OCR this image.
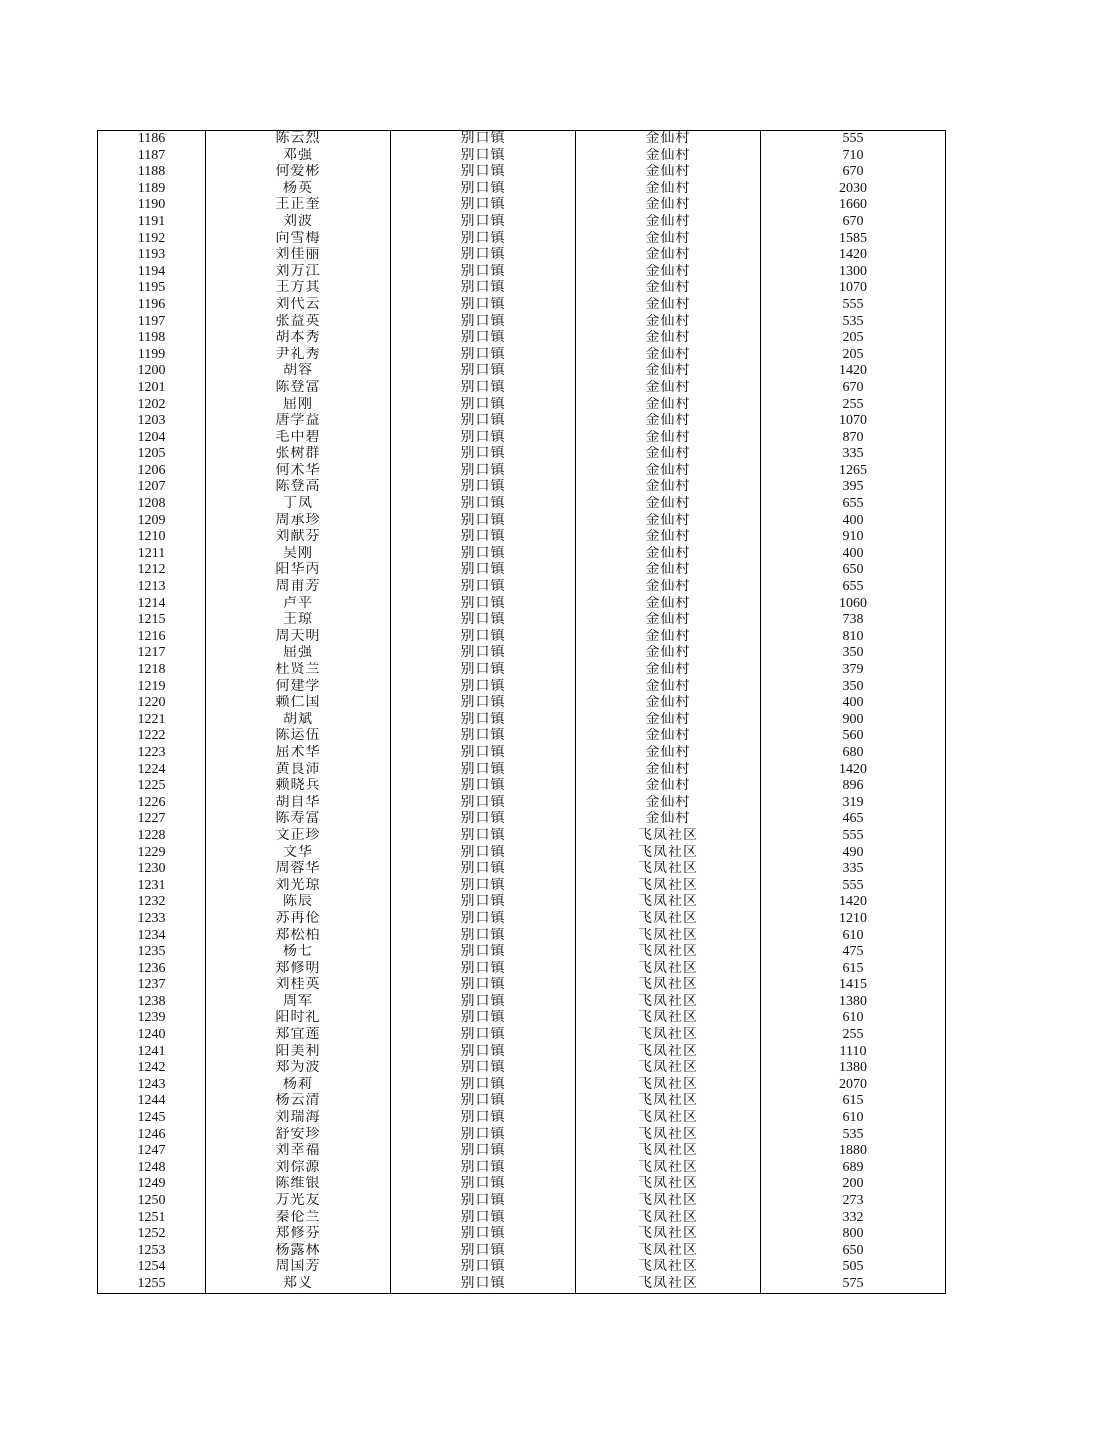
1186	陈云烈	别口镇	金仙村	555
1187	邓强	别口镇	金仙村	710
1188	何爱彬	别口镇	金仙村	670
1189	杨英	别口镇	金仙村	2030
1190	王正奎	别口镇	金仙村	1660
1191	刘波	别口镇	金仙村	670
1192	向雪梅	别口镇	金仙村	1585
1193	刘佳丽	别口镇	金仙村	1420
1194	刘万江	别口镇	金仙村	1300
1195	王方其	别口镇	金仙村	1070
1196	刘代云	别口镇	金仙村	555
1197	张益英	别口镇	金仙村	535
1198	胡本秀	别口镇	金仙村	205
1199	尹礼秀	别口镇	金仙村	205
1200	胡容	别口镇	金仙村	1420
1201	陈登富	别口镇	金仙村	670
1202	屈刚	别口镇	金仙村	255
1203	唐学益	别口镇	金仙村	1070
1204	毛中碧	别口镇	金仙村	870
1205	张树群	别口镇	金仙村	335
1206	何术华	别口镇	金仙村	1265
1207	陈登高	别口镇	金仙村	395
1208	丁凤	别口镇	金仙村	655
1209	周承珍	别口镇	金仙村	400
1210	刘献芬	别口镇	金仙村	910
1211	吴刚	别口镇	金仙村	400
1212	阳华丙	别口镇	金仙村	650
1213	周甫芳	别口镇	金仙村	655
1214	卢平	别口镇	金仙村	1060
1215	王琼	别口镇	金仙村	738
1216	周天明	别口镇	金仙村	810
1217	屈强	别口镇	金仙村	350
1218	杜贤兰	别口镇	金仙村	379
1219	何建学	别口镇	金仙村	350
1220	赖仁国	别口镇	金仙村	400
1221	胡斌	别口镇	金仙村	900
1222	陈运伍	别口镇	金仙村	560
1223	屈术华	别口镇	金仙村	680
1224	黄良沛	别口镇	金仙村	1420
1225	赖晓兵	别口镇	金仙村	896
1226	胡自华	别口镇	金仙村	319
1227	陈寿富	别口镇	金仙村	465
1228	文正珍	别口镇	飞凤社区	555
1229	文华	别口镇	飞凤社区	490
1230	周蓉华	别口镇	飞凤社区	335
1231	刘光琼	别口镇	飞凤社区	555
1232	陈辰	别口镇	飞凤社区	1420
1233	苏再伦	别口镇	飞凤社区	1210
1234	郑松柏	别口镇	飞凤社区	610
1235	杨七	别口镇	飞凤社区	475
1236	郑修明	别口镇	飞凤社区	615
1237	刘桂英	别口镇	飞凤社区	1415
1238	周军	别口镇	飞凤社区	1380
1239	阳时礼	别口镇	飞凤社区	610
1240	郑宜莲	别口镇	飞凤社区	255
1241	阳美利	别口镇	飞凤社区	1110
1242	郑为波	别口镇	飞凤社区	1380
1243	杨莉	别口镇	飞凤社区	2070
1244	杨云清	别口镇	飞凤社区	615
1245	刘瑞海	别口镇	飞凤社区	610
1246	舒安珍	别口镇	飞凤社区	535
1247	刘幸福	别口镇	飞凤社区	1880
1248	刘倧源	别口镇	飞凤社区	689
1249	陈维银	别口镇	飞凤社区	200
1250	万光友	别口镇	飞凤社区	273
1251	秦伦兰	别口镇	飞凤社区	332
1252	郑修芬	别口镇	飞凤社区	800
1253	杨露林	别口镇	飞凤社区	650
1254	周国芳	别口镇	飞凤社区	505
1255	郑义	别口镇	飞凤社区	575
